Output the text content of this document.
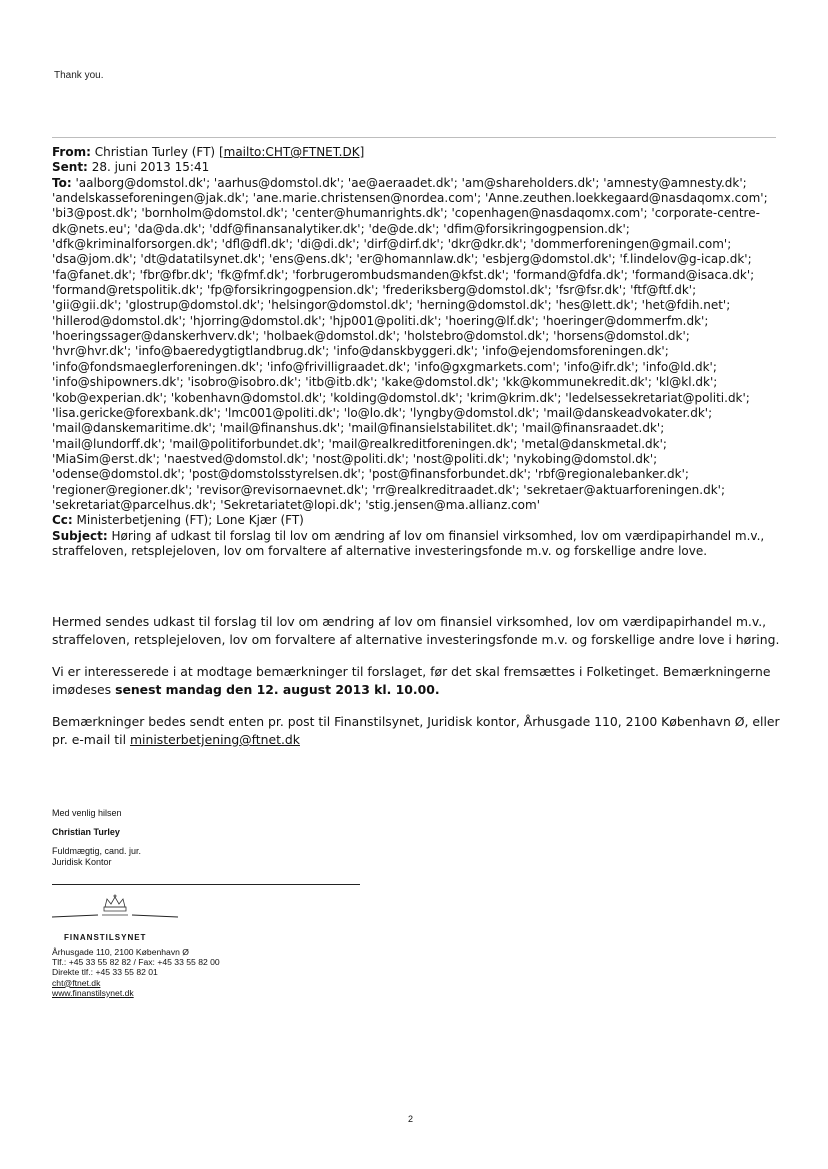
Thank you.
From: Christian Turley (FT) [mailto:CHT@FTNET.DK]
Sent: 28. juni 2013 15:41
To: 'aalborg@domstol.dk'; 'aarhus@domstol.dk'; 'ae@aeraadet.dk'; 'am@shareholders.dk'; 'amnesty@amnesty.dk';
'andelskasseforeningen@jak.dk'; 'ane.marie.christensen@nordea.com'; 'Anne.zeuthen.loekkegaard@nasdaqomx.com';
'bi3@post.dk'; 'bornholm@domstol.dk'; 'center@humanrights.dk'; 'copenhagen@nasdaqomx.com'; 'corporate-centre-
dk@nets.eu'; 'da@da.dk'; 'ddf@finansanalytiker.dk'; 'de@de.dk'; 'dfim@forsikringogpension.dk';
'dfk@kriminalforsorgen.dk'; 'dfl@dfl.dk'; 'di@di.dk'; 'dirf@dirf.dk'; 'dkr@dkr.dk'; 'dommerforeningen@gmail.com';
'dsa@jom.dk'; 'dt@datatilsynet.dk'; 'ens@ens.dk'; 'er@homannlaw.dk'; 'esbjerg@domstol.dk'; 'f.lindelov@g-icap.dk';
'fa@fanet.dk'; 'fbr@fbr.dk'; 'fk@fmf.dk'; 'forbrugerombudsmanden@kfst.dk'; 'formand@fdfa.dk'; 'formand@isaca.dk';
'formand@retspolitik.dk'; 'fp@forsikringogpension.dk'; 'frederiksberg@domstol.dk'; 'fsr@fsr.dk'; 'ftf@ftf.dk';
'gii@gii.dk'; 'glostrup@domstol.dk'; 'helsingor@domstol.dk'; 'herning@domstol.dk'; 'hes@lett.dk'; 'het@fdih.net';
'hillerod@domstol.dk'; 'hjorring@domstol.dk'; 'hjp001@politi.dk'; 'hoering@lf.dk'; 'hoeringer@dommerfm.dk';
'hoeringssager@danskerhverv.dk'; 'holbaek@domstol.dk'; 'holstebro@domstol.dk'; 'horsens@domstol.dk';
'hvr@hvr.dk'; 'info@baeredygtigtlandbrug.dk'; 'info@danskbyggeri.dk'; 'info@ejendomsforeningen.dk';
'info@fondsmaeglerforeningen.dk'; 'info@frivilligraadet.dk'; 'info@gxgmarkets.com'; 'info@ifr.dk'; 'info@ld.dk';
'info@shipowners.dk'; 'isobro@isobro.dk'; 'itb@itb.dk'; 'kake@domstol.dk'; 'kk@kommunekredit.dk'; 'kl@kl.dk';
'kob@experian.dk'; 'kobenhavn@domstol.dk'; 'kolding@domstol.dk'; 'krim@krim.dk'; 'ledelsessekretariat@politi.dk';
'lisa.gericke@forexbank.dk'; 'lmc001@politi.dk'; 'lo@lo.dk'; 'lyngby@domstol.dk'; 'mail@danskeadvokater.dk';
'mail@danskemaritime.dk'; 'mail@finanshus.dk'; 'mail@finansielstabilitet.dk'; 'mail@finansraadet.dk';
'mail@lundorff.dk'; 'mail@politiforbundet.dk'; 'mail@realkreditforeningen.dk'; 'metal@danskmetal.dk';
'MiaSim@erst.dk'; 'naestved@domstol.dk'; 'nost@politi.dk'; 'nost@politi.dk'; 'nykobing@domstol.dk';
'odense@domstol.dk'; 'post@domstolsstyrelsen.dk'; 'post@finansforbundet.dk'; 'rbf@regionalebanker.dk';
'regioner@regioner.dk'; 'revisor@revisornaevnet.dk'; 'rr@realkreditraadet.dk'; 'sekretaer@aktuarforeningen.dk';
'sekretariat@parcelhus.dk'; 'Sekretariatet@lopi.dk'; 'stig.jensen@ma.allianz.com'
Cc: Ministerbetjening (FT); Lone Kjær (FT)
Subject: Høring af udkast til forslag til lov om ændring af lov om finansiel virksomhed, lov om værdipapirhandel m.v., straffeloven, retsplejeloven, lov om forvaltere af alternative investeringsfonde m.v. og forskellige andre love.

Hermed sendes udkast til forslag til lov om ændring af lov om finansiel virksomhed, lov om værdipapirhandel m.v., straffeloven, retsplejeloven, lov om forvaltere af alternative investeringsfonde m.v. og forskellige andre love i høring.

Vi er interesserede i at modtage bemærkninger til forslaget, før det skal fremsættes i Folketinget. Bemærkningerne imødeses senest mandag den 12. august 2013 kl. 10.00.

Bemærkninger bedes sendt enten pr. post til Finanstilsynet, Juridisk kontor, Århusgade 110, 2100 København Ø, eller pr. e-mail til ministerbetjening@ftnet.dk

Med venlig hilsen
Christian Turley
Fuldmægtig, cand. jur.
Juridisk Kontor
FINANSTILSYNET
Århusgade 110, 2100 København Ø
Tlf.: +45 33 55 82 82 / Fax: +45 33 55 82 00
Direkte tlf.: +45 33 55 82 01
cht@ftnet.dk
www.finanstilsynet.dk
2
